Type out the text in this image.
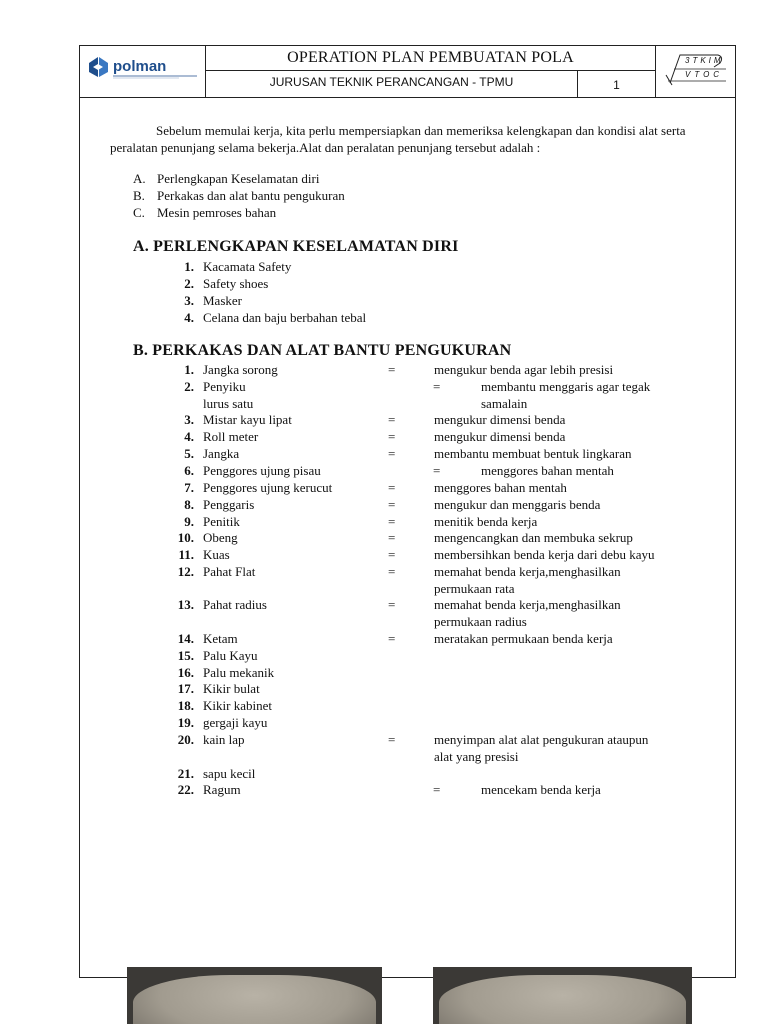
polman
OPERATION PLAN PEMBUATAN POLA
JURUSAN TEKNIK PERANCANGAN - TPMU	1
3TKIM
VTOC

Sebelum memulai kerja, kita perlu mempersiapkan dan memeriksa kelengkapan dan kondisi alat serta peralatan penunjang selama bekerja.Alat dan peralatan penunjang tersebut adalah :

A. Perlengkapan Keselamatan diri
B. Perkakas dan alat bantu pengukuran
C. Mesin pemroses bahan
A. PERLENGKAPAN KESELAMATAN DIRI
1. Kacamata Safety
2. Safety shoes
3. Masker
4. Celana dan baju berbahan tebal
B. PERKAKAS DAN ALAT BANTU PENGUKURAN
1. Jangka sorong	=	mengukur benda agar lebih presisi
2. Penyiku
lurus satu
=	membantu menggaris agar tegak
samalain
3. Mistar kayu lipat	=	mengukur dimensi benda
4. Roll meter	=	mengukur dimensi benda
5. Jangka	=	membantu membuat bentuk lingkaran
6. Penggores ujung pisau	=	menggores bahan mentah
7. Penggores ujung kerucut	=	menggores bahan mentah
8. Penggaris	=	mengukur dan menggaris benda
9. Penitik	=	menitik benda kerja
10. Obeng	=	mengencangkan dan membuka sekrup
11. Kuas	=	membersihkan benda kerja dari debu kayu
12. Pahat Flat	=	memahat benda kerja,menghasilkan
permukaan rata
13. Pahat radius	=	memahat benda kerja,menghasilkan
permukaan radius
14. Ketam	=	meratakan permukaan benda kerja
15. Palu Kayu
16. Palu mekanik
17. Kikir bulat
18. Kikir kabinet
19. gergaji kayu
20. kain lap	=	menyimpan alat alat pengukuran ataupun
alat yang presisi
21. sapu kecil
22. Ragum	=	mencekam benda kerja
